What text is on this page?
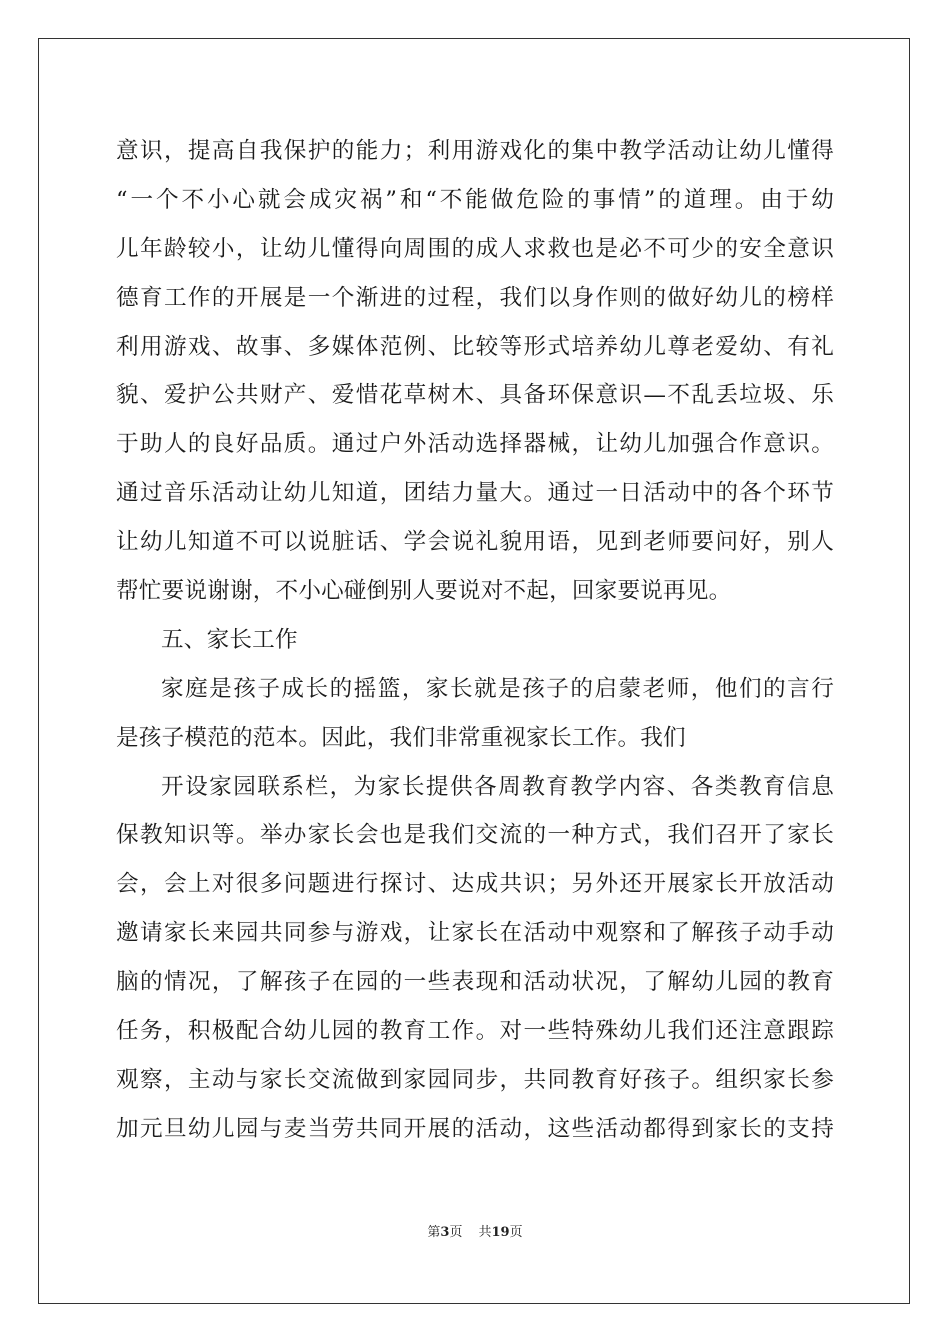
意识，提高自我保护的能力；利用游戏化的集中教学活动让幼儿懂得
“一个不小心就会成灾祸”和“不能做危险的事情”的道理。由于幼
儿年龄较小，让幼儿懂得向周围的成人求救也是必不可少的安全意识
德育工作的开展是一个渐进的过程，我们以身作则的做好幼儿的榜样
利用游戏、故事、多媒体范例、比较等形式培养幼儿尊老爱幼、有礼
貌、爱护公共财产、爱惜花草树木、具备环保意识—不乱丢垃圾、乐
于助人的良好品质。通过户外活动选择器械，让幼儿加强合作意识。
通过音乐活动让幼儿知道，团结力量大。通过一日活动中的各个环节
让幼儿知道不可以说脏话、学会说礼貌用语，见到老师要问好，别人
帮忙要说谢谢，不小心碰倒别人要说对不起，回家要说再见。
五、家长工作
家庭是孩子成长的摇篮，家长就是孩子的启蒙老师，他们的言行
是孩子模范的范本。因此，我们非常重视家长工作。我们
开设家园联系栏，为家长提供各周教育教学内容、各类教育信息
保教知识等。举办家长会也是我们交流的一种方式，我们召开了家长
会，会上对很多问题进行探讨、达成共识；另外还开展家长开放活动
邀请家长来园共同参与游戏，让家长在活动中观察和了解孩子动手动
脑的情况，了解孩子在园的一些表现和活动状况，了解幼儿园的教育
任务，积极配合幼儿园的教育工作。对一些特殊幼儿我们还注意跟踪
观察，主动与家长交流做到家园同步，共同教育好孩子。组织家长参
加元旦幼儿园与麦当劳共同开展的活动，这些活动都得到家长的支持
第3页 共19页
